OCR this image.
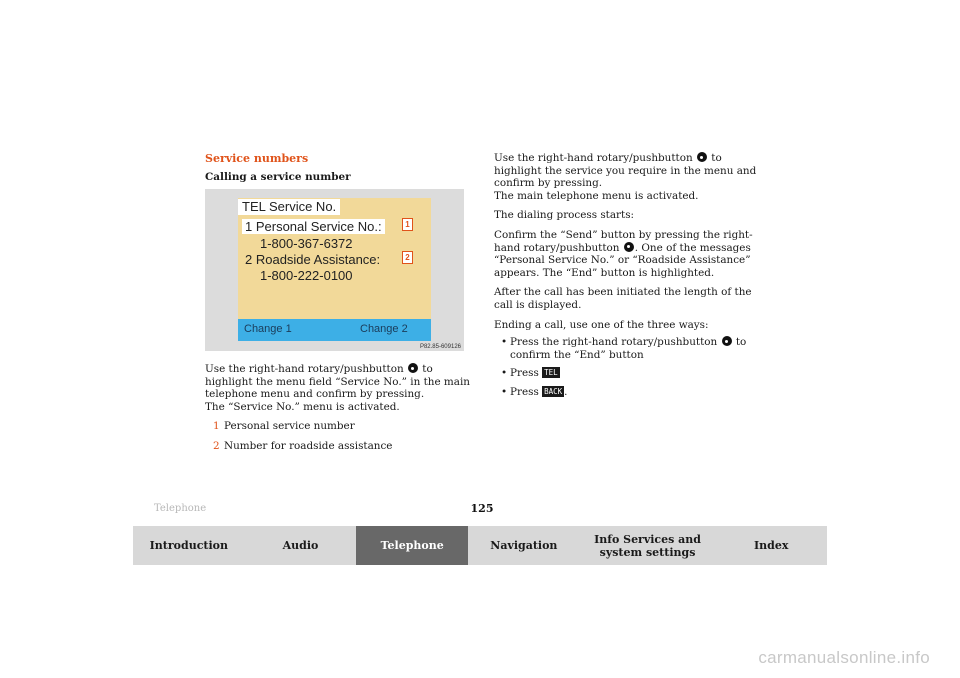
Service numbers
Calling a service number
TEL Service No.
1 Personal Service No.:
1-800-367-6372
2 Roadside Assistance:
1-800-222-0100
Change 1	Change 2
1
2
P82.85-609126

Use the right-hand rotary/pushbutton to highlight the menu field “Service No.” in the main telephone menu and confirm by pressing.
The “Service No.” menu is activated.

1 Personal service number
2 Number for roadside assistance

Use the right-hand rotary/pushbutton to highlight the service you require in the menu and confirm by pressing.
The main telephone menu is activated.

The dialing process starts:

Confirm the “Send” button by pressing the right-hand rotary/pushbutton . One of the messages “Personal Service No.” or “Roadside Assistance” appears. The “End” button is highlighted.

After the call has been initiated the length of the call is displayed.

Ending a call, use one of the three ways:

• Press the right-hand rotary/pushbutton to confirm the “End” button
• Press TEL
• Press BACK .
Telephone	125
Introduction	Audio	Telephone	Navigation	Info Services and system settings	Index
carmanualsonline.info
